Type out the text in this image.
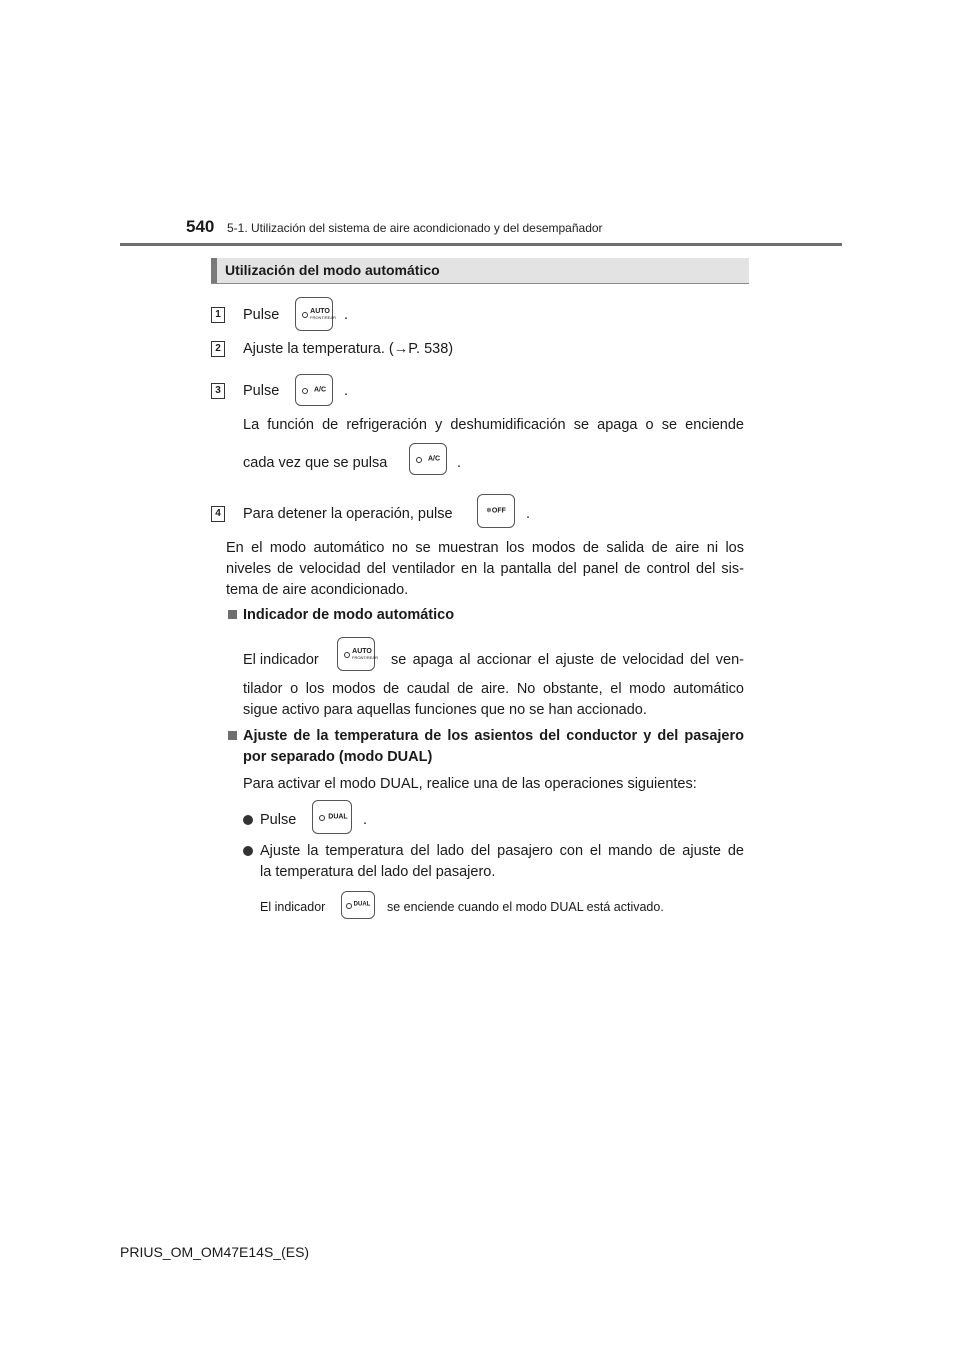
540 5-1. Utilización del sistema de aire acondicionado y del desempañador
Utilización del modo automático
1 Pulse	AUTO
FRONT/REAR .
2 Ajuste la temperatura. (→P. 538)
3 Pulse	A/C .
La función de refrigeración y deshumidificación se apaga o se enciende
cada vez que se pulsa	A/C .
4 Para detener la operación, pulse	❄OFF	.
En el modo automático no se muestran los modos de salida de aire ni los
niveles de velocidad del ventilador en la pantalla del panel de control del sis-
tema de aire acondicionado.
Indicador de modo automático
El indicador
AUTO
FRONT/REAR se apaga al accionar el ajuste de velocidad del ven-
tilador o los modos de caudal de aire. No obstante, el modo automático
sigue activo para aquellas funciones que no se han accionado.
Ajuste de la temperatura de los asientos del conductor y del pasajero
por separado (modo DUAL)
Para activar el modo DUAL, realice una de las operaciones siguientes:
Pulse	DUAL .
Ajuste la temperatura del lado del pasajero con el mando de ajuste de
la temperatura del lado del pasajero.
El indicador	DUAL se enciende cuando el modo DUAL está activado.
PRIUS_OM_OM47E14S_(ES)
